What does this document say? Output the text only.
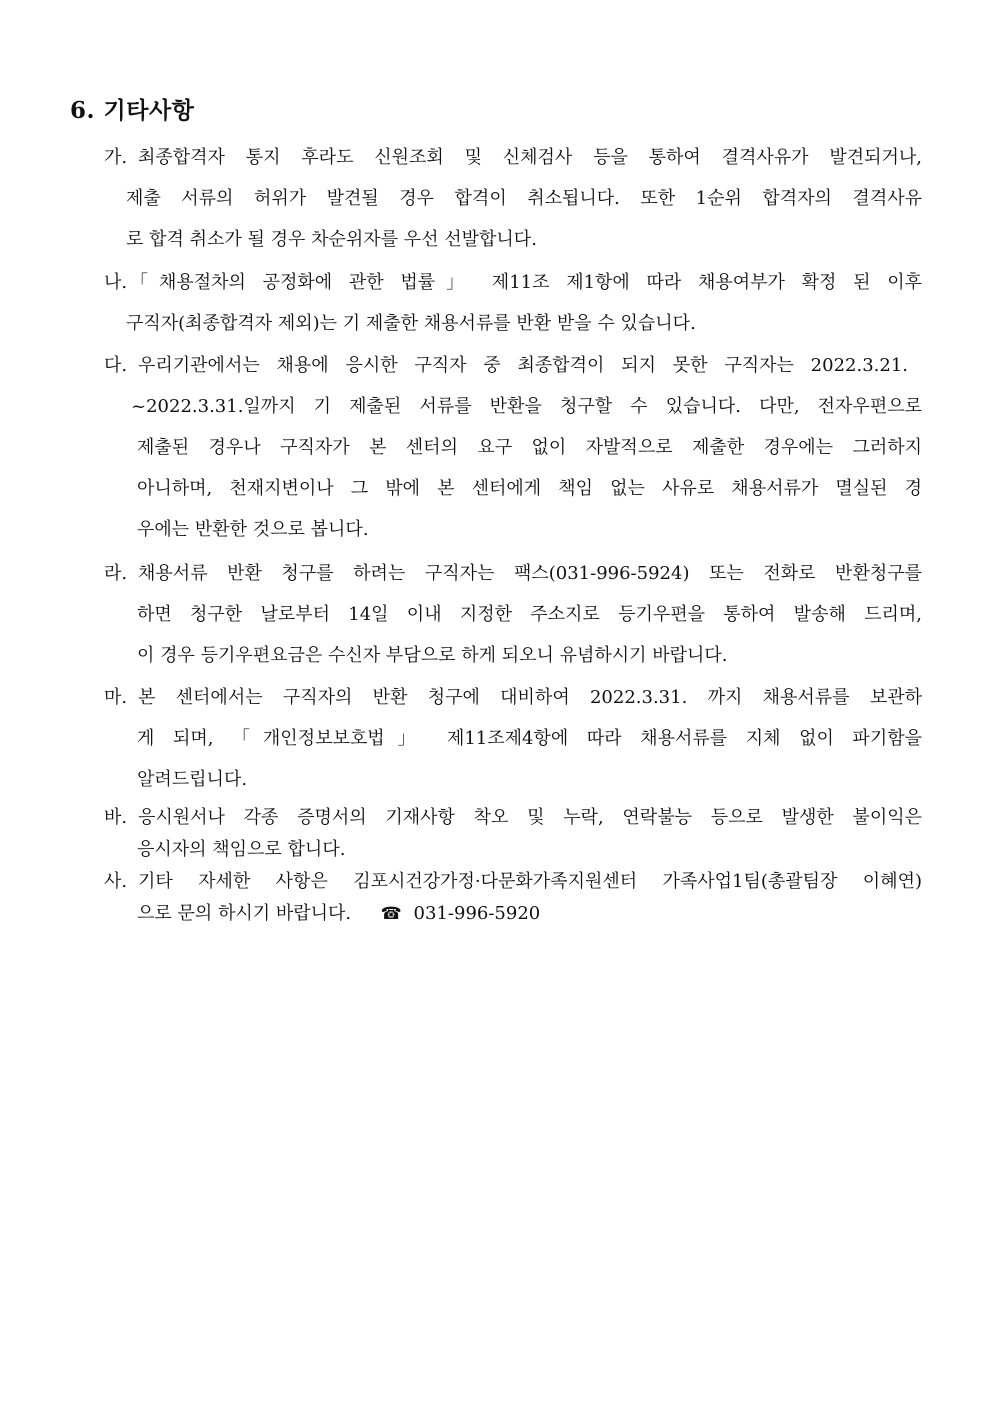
6. 기타사항
가. 최종합격자 통지 후라도 신원조회 및 신체검사 등을 통하여 결격사유가 발견되거나,
제출 서류의 허위가 발견될 경우 합격이 취소됩니다. 또한 1순위 합격자의 결격사유
로 합격 취소가 될 경우 차순위자를 우선 선발합니다.
나. 「채용절차의 공정화에 관한 법률」 제11조 제1항에 따라 채용여부가 확정 된 이후
구직자(최종합격자 제외)는 기 제출한 채용서류를 반환 받을 수 있습니다.
다. 우리기관에서는 채용에 응시한 구직자 중 최종합격이 되지 못한 구직자는 2022.3.21.
~2022.3.31.일까지 기 제출된 서류를 반환을 청구할 수 있습니다. 다만, 전자우편으로
제출된 경우나 구직자가 본 센터의 요구 없이 자발적으로 제출한 경우에는 그러하지
아니하며, 천재지변이나 그 밖에 본 센터에게 책임 없는 사유로 채용서류가 멸실된 경
우에는 반환한 것으로 봅니다.
라. 채용서류 반환 청구를 하려는 구직자는 팩스(031-996-5924) 또는 전화로 반환청구를
하면 청구한 날로부터 14일 이내 지정한 주소지로 등기우편을 통하여 발송해 드리며,
이 경우 등기우편요금은 수신자 부담으로 하게 되오니 유념하시기 바랍니다.
마. 본 센터에서는 구직자의 반환 청구에 대비하여 2022.3.31. 까지 채용서류를 보관하
게 되며, 「개인정보보호법」 제11조제4항에 따라 채용서류를 지체 없이 파기함을
알려드립니다.
바. 응시원서나 각종 증명서의 기재사항 착오 및 누락, 연락불능 등으로 발생한 불이익은
응시자의 책임으로 합니다.
사. 기타 자세한 사항은 김포시건강가정·다문화가족지원센터 가족사업1팀(총괄팀장 이혜연)
으로 문의 하시기 바랍니다. ☎ 031-996-5920
